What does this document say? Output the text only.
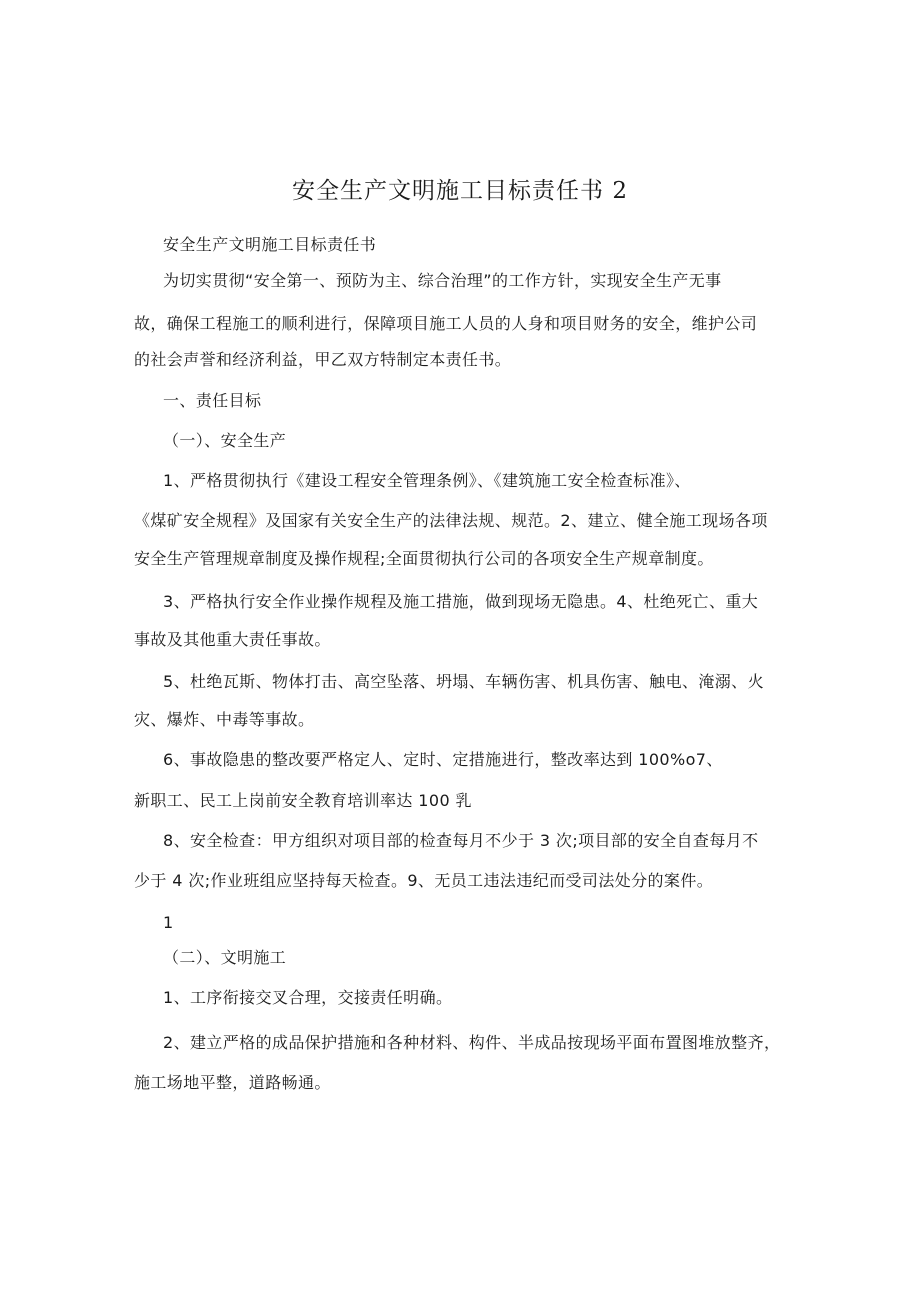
安全生产文明施工目标责任书 2
安全生产文明施工目标责任书
为切实贯彻“安全第一、预防为主、综合治理”的工作方针，实现安全生产无事
故，确保工程施工的顺利进行，保障项目施工人员的人身和项目财务的安全，维护公司
的社会声誉和经济利益，甲乙双方特制定本责任书。
一、责任目标
（一）、安全生产
1、严格贯彻执行《建设工程安全管理条例》、《建筑施工安全检查标准》、
《煤矿安全规程》及国家有关安全生产的法律法规、规范。2、建立、健全施工现场各项
安全生产管理规章制度及操作规程;全面贯彻执行公司的各项安全生产规章制度。
3、严格执行安全作业操作规程及施工措施，做到现场无隐患。4、杜绝死亡、重大
事故及其他重大责任事故。
5、杜绝瓦斯、物体打击、高空坠落、坍塌、车辆伤害、机具伤害、触电、淹溺、火
灾、爆炸、中毒等事故。
6、事故隐患的整改要严格定人、定时、定措施进行，整改率达到 100%o7、
新职工、民工上岗前安全教育培训率达 100 乳
8、安全检查：甲方组织对项目部的检查每月不少于 3 次;项目部的安全自查每月不
少于 4 次;作业班组应坚持每天检查。9、无员工违法违纪而受司法处分的案件。
1
（二）、文明施工
1、工序衔接交叉合理，交接责任明确。
2、建立严格的成品保护措施和各种材料、构件、半成品按现场平面布置图堆放整齐，
施工场地平整，道路畅通。
